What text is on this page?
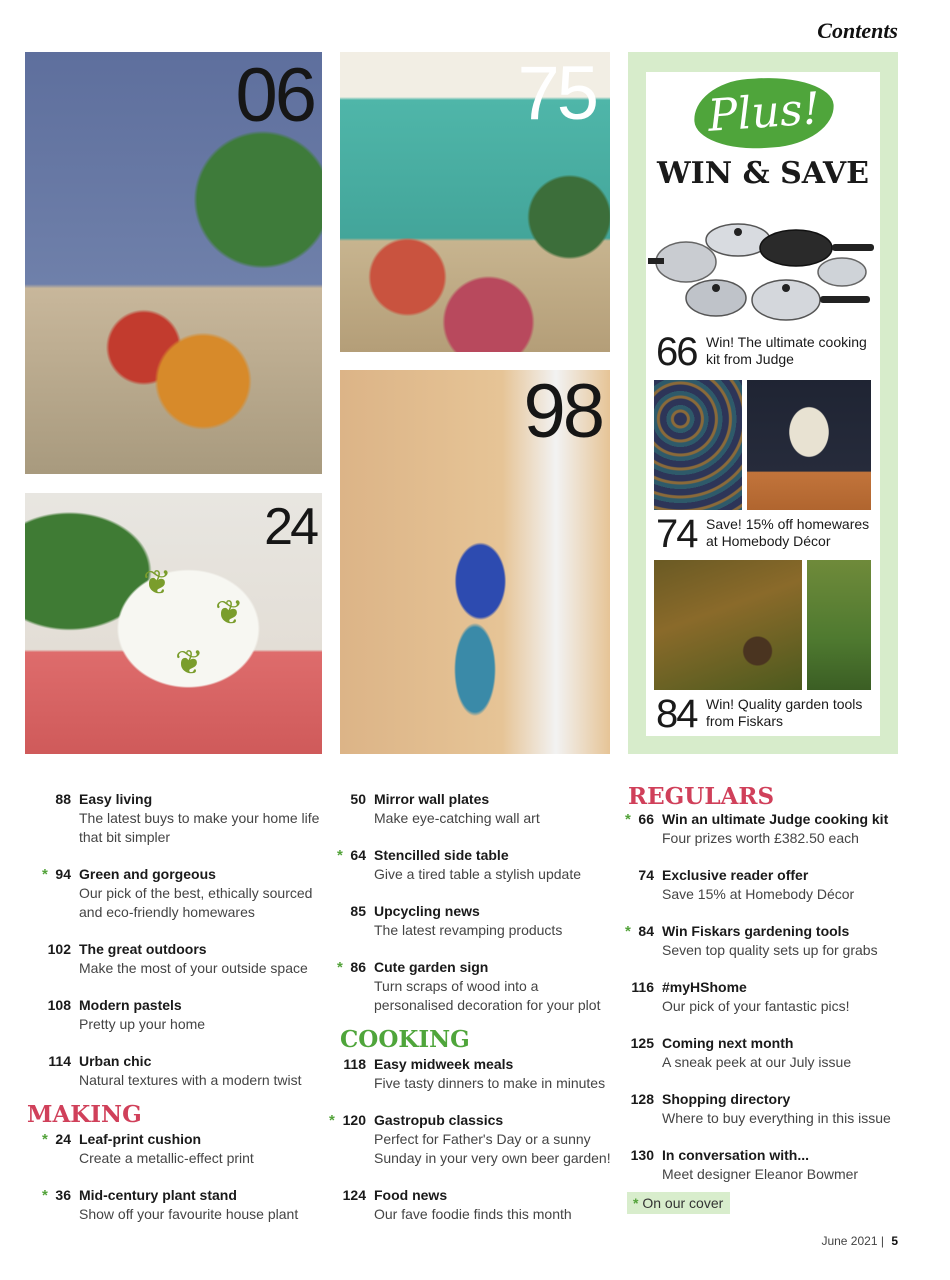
Contents
06	75
98
❦
❦
❦
24
Plus!
WIN & SAVE
66 Win! The ultimate cooking kit from Judge
74 Save! 15% off homewares at Homebody Décor
84 Win! Quality garden tools from Fiskars
88 Easy living
The latest buys to make your home life that bit simpler
94
* Green and gorgeous
Our pick of the best, ethically sourced and eco-friendly homewares
102 The great outdoors
Make the most of your outside space
108 Modern pastels
Pretty up your home
114 Urban chic
Natural textures with a modern twist
MAKING
24
* Leaf-print cushion
Create a metallic-effect print
36
* Mid-century plant stand
Show off your favourite house plant
50 Mirror wall plates
Make eye-catching wall art
64
* Stencilled side table
Give a tired table a stylish update
85 Upcycling news
The latest revamping products
86
* Cute garden sign
Turn scraps of wood into a personalised decoration for your plot
COOKING
118 Easy midweek meals
Five tasty dinners to make in minutes
120
*	Gastropub classics
Perfect for Father's Day or a sunny Sunday in your very own beer garden!
124 Food news
Our fave foodie finds this month
REGULARS
66
* Win an ultimate Judge cooking kit
Four prizes worth £382.50 each
74 Exclusive reader offer
Save 15% at Homebody Décor
84
* Win Fiskars gardening tools
Seven top quality sets up for grabs
116 #myHShome
Our pick of your fantastic pics!
125 Coming next month
A sneak peek at our July issue
128 Shopping directory
Where to buy everything in this issue
130 In conversation with...
Meet designer Eleanor Bowmer
* On our cover
June 2021 | 5
